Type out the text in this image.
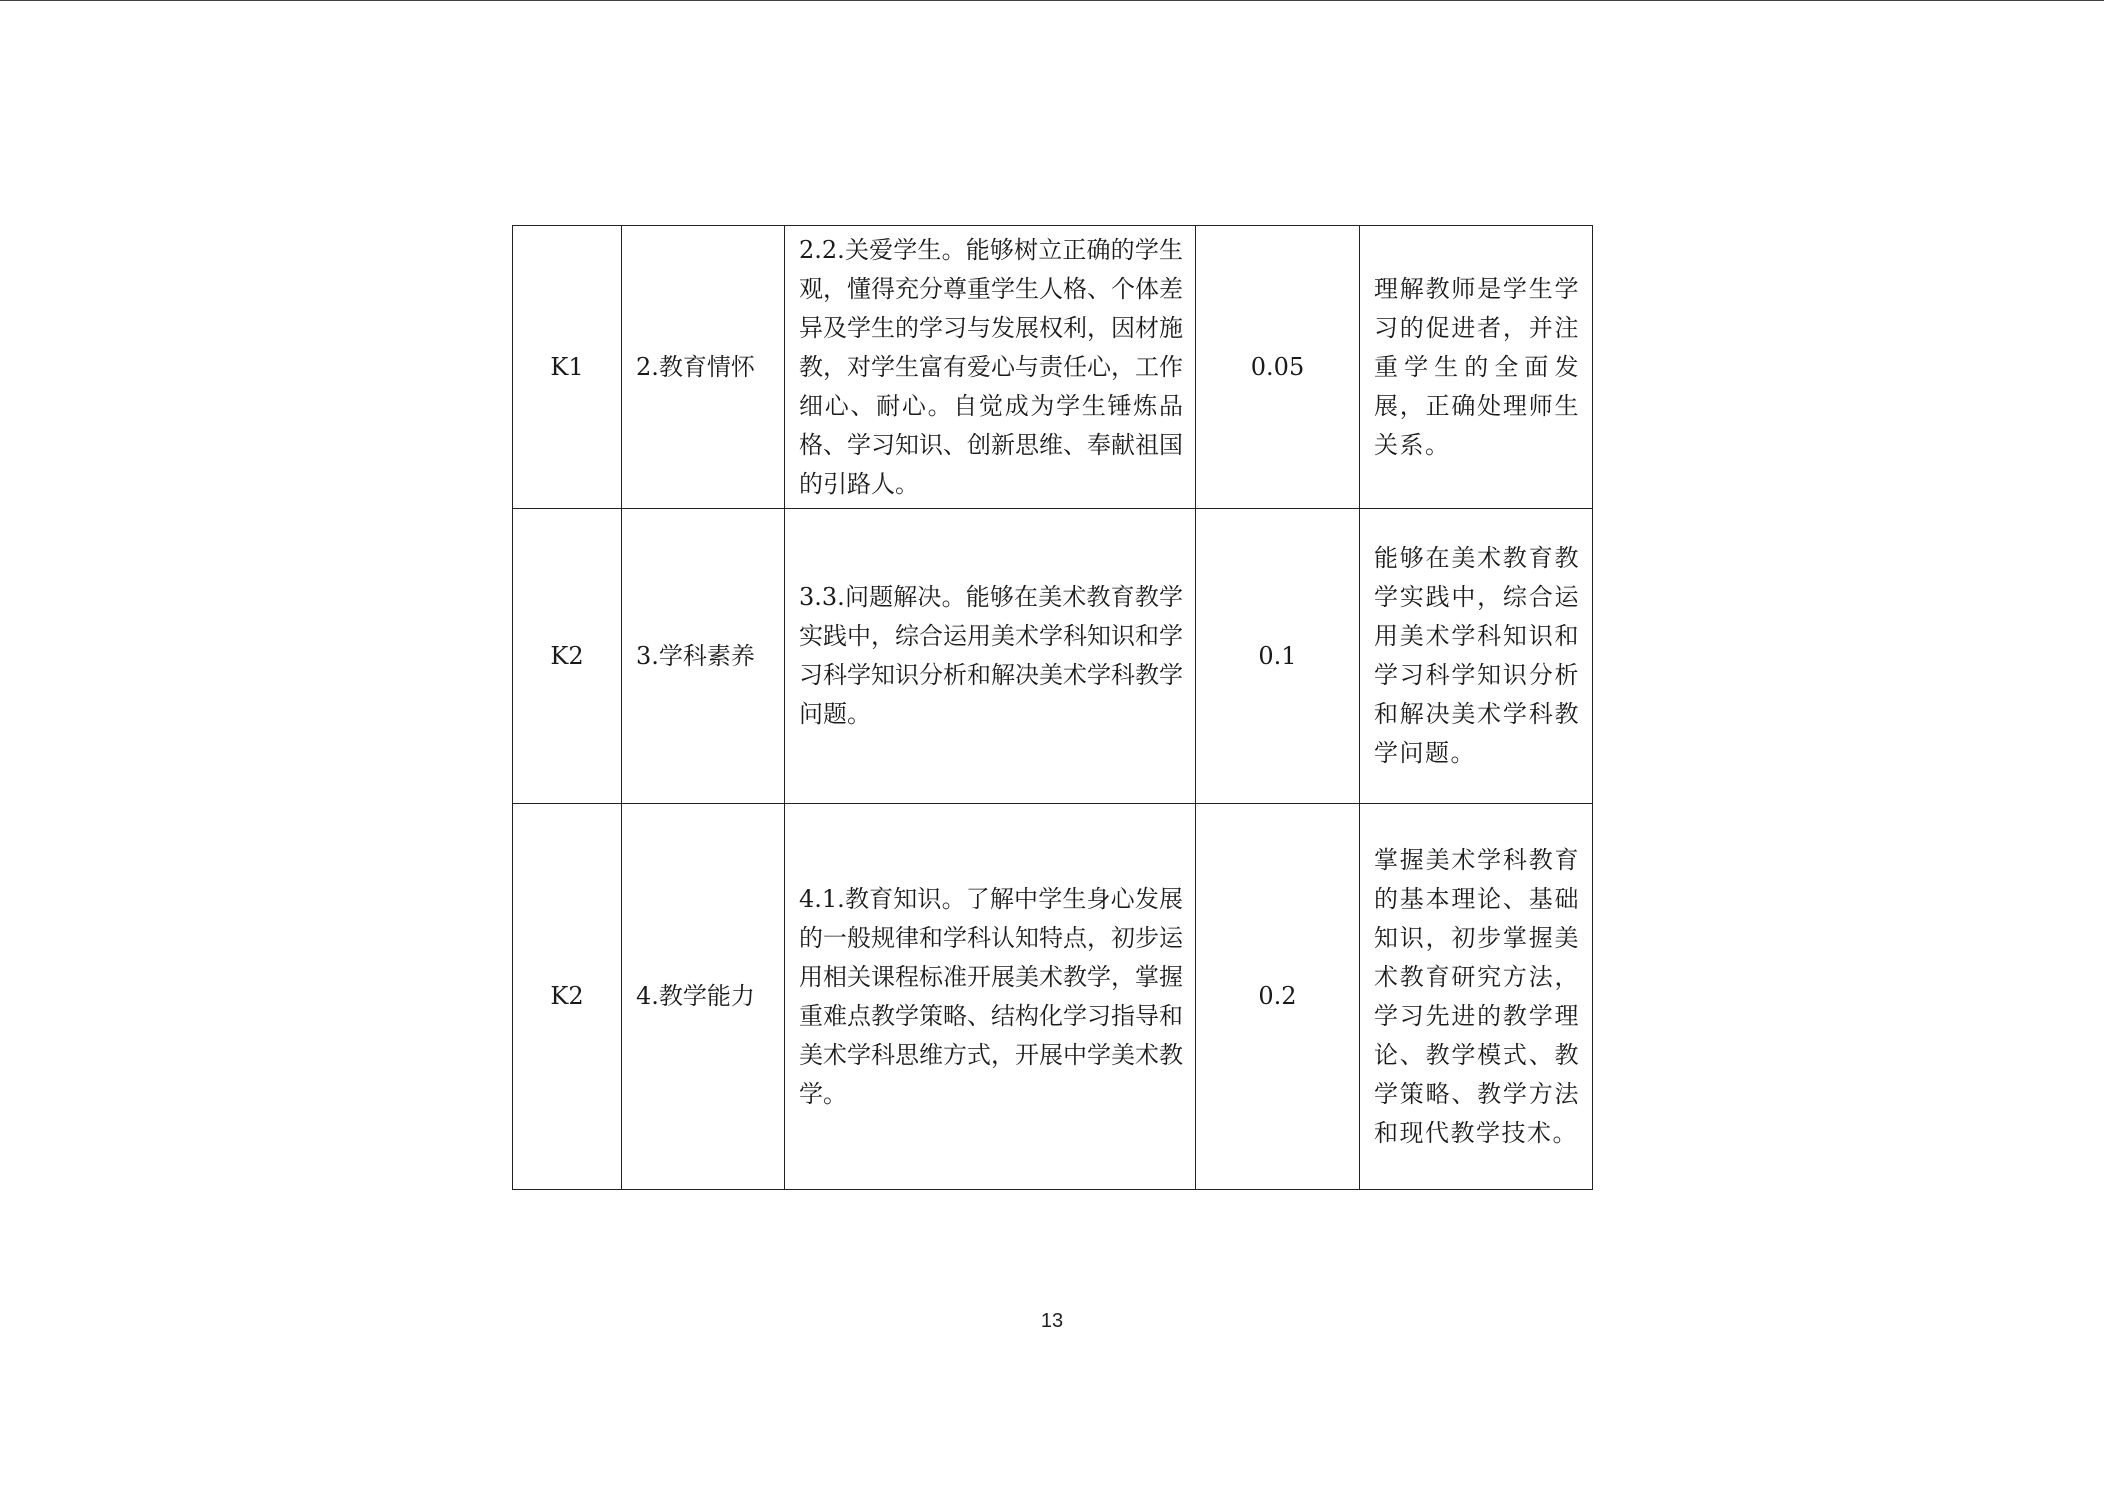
K1	2.教育情怀	2.2.关爱学生。能够树立正确的学生观，懂得充分尊重学生人格、个体差异及学生的学习与发展权利，因材施教，对学生富有爱心与责任心，工作细心、耐心。自觉成为学生锤炼品格、学习知识、创新思维、奉献祖国的引路人。	0.05	理解教师是学生学习的促进者，并注重学生的全面发展，正确处理师生关系。
K2	3.学科素养	3.3.问题解决。能够在美术教育教学实践中，综合运用美术学科知识和学习科学知识分析和解决美术学科教学问题。	0.1	能够在美术教育教学实践中，综合运用美术学科知识和学习科学知识分析和解决美术学科教学问题。
K2	4.教学能力	4.1.教育知识。了解中学生身心发展的一般规律和学科认知特点，初步运用相关课程标准开展美术教学，掌握重难点教学策略、结构化学习指导和美术学科思维方式，开展中学美术教学。	0.2	掌握美术学科教育的基本理论、基础知识，初步掌握美术教育研究方法，学习先进的教学理论、教学模式、教学策略、教学方法和现代教学技术。
13
